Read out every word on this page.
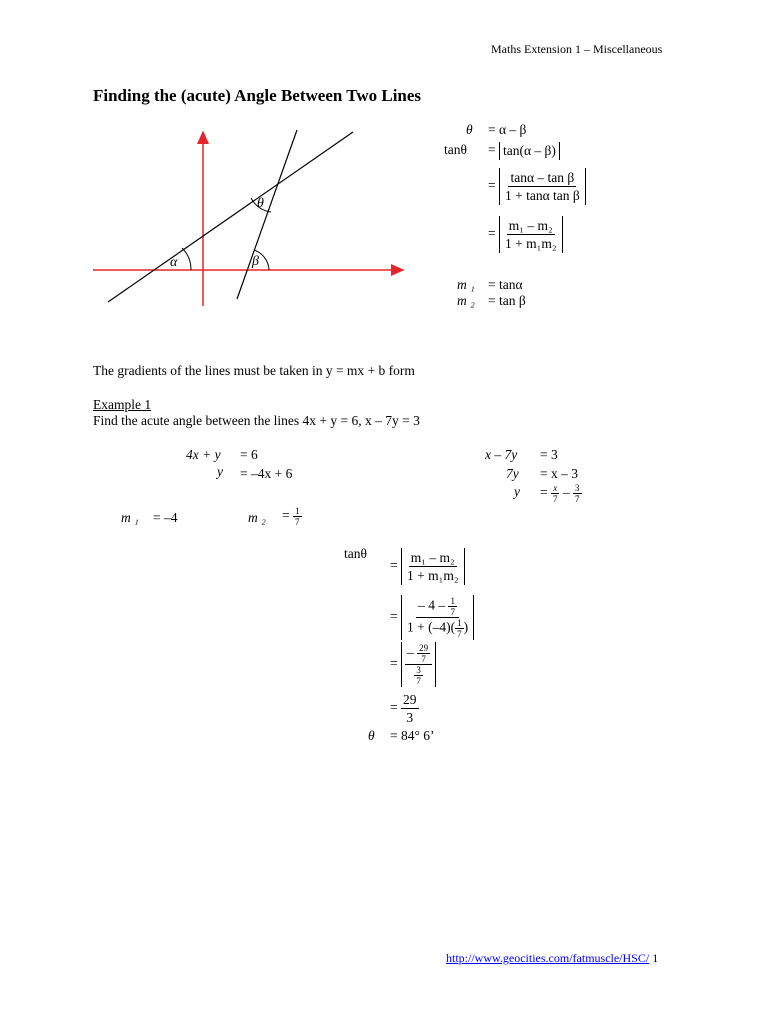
Maths Extension 1 – Miscellaneous
Finding the (acute) Angle Between Two Lines
α	β
θ
θ = α – β
tanθ = tan(α – β)
= $\frac{\text{tanα – tan β}}{\text{1 + tanα tan β}}$
= $\frac{\text{m₁ – m₂}}{\text{1 + m₁m₂}}$
m ₁ = tanα
m ₂ = tan β
The gradients of the lines must be taken in y = mx + b form
Example 1
Find the acute angle between the lines 4x + y = 6, x – 7y = 3
4x + y = 6
y = –4x + 6
x – 7y = 3
7y = x – 3
$y = \frac{x}{7} - \frac{3}{7}$
m ₁ = –4	m $_2 = \frac{1}{7}$
tanθ
= $\frac{\text{m₁ – m₂}}{\text{1 + m₁m₂}}$
= $\frac{- 4 - \frac{1}{7}}{1 + (-4)( \frac{1}{7} )}$
= $\frac{- \frac{29}{7}}{\frac{3}{7}}$
= $\frac{29}{3}$
θ = 84° 6’
http://www.geocities.com/fatmuscle/HSC/ 1
